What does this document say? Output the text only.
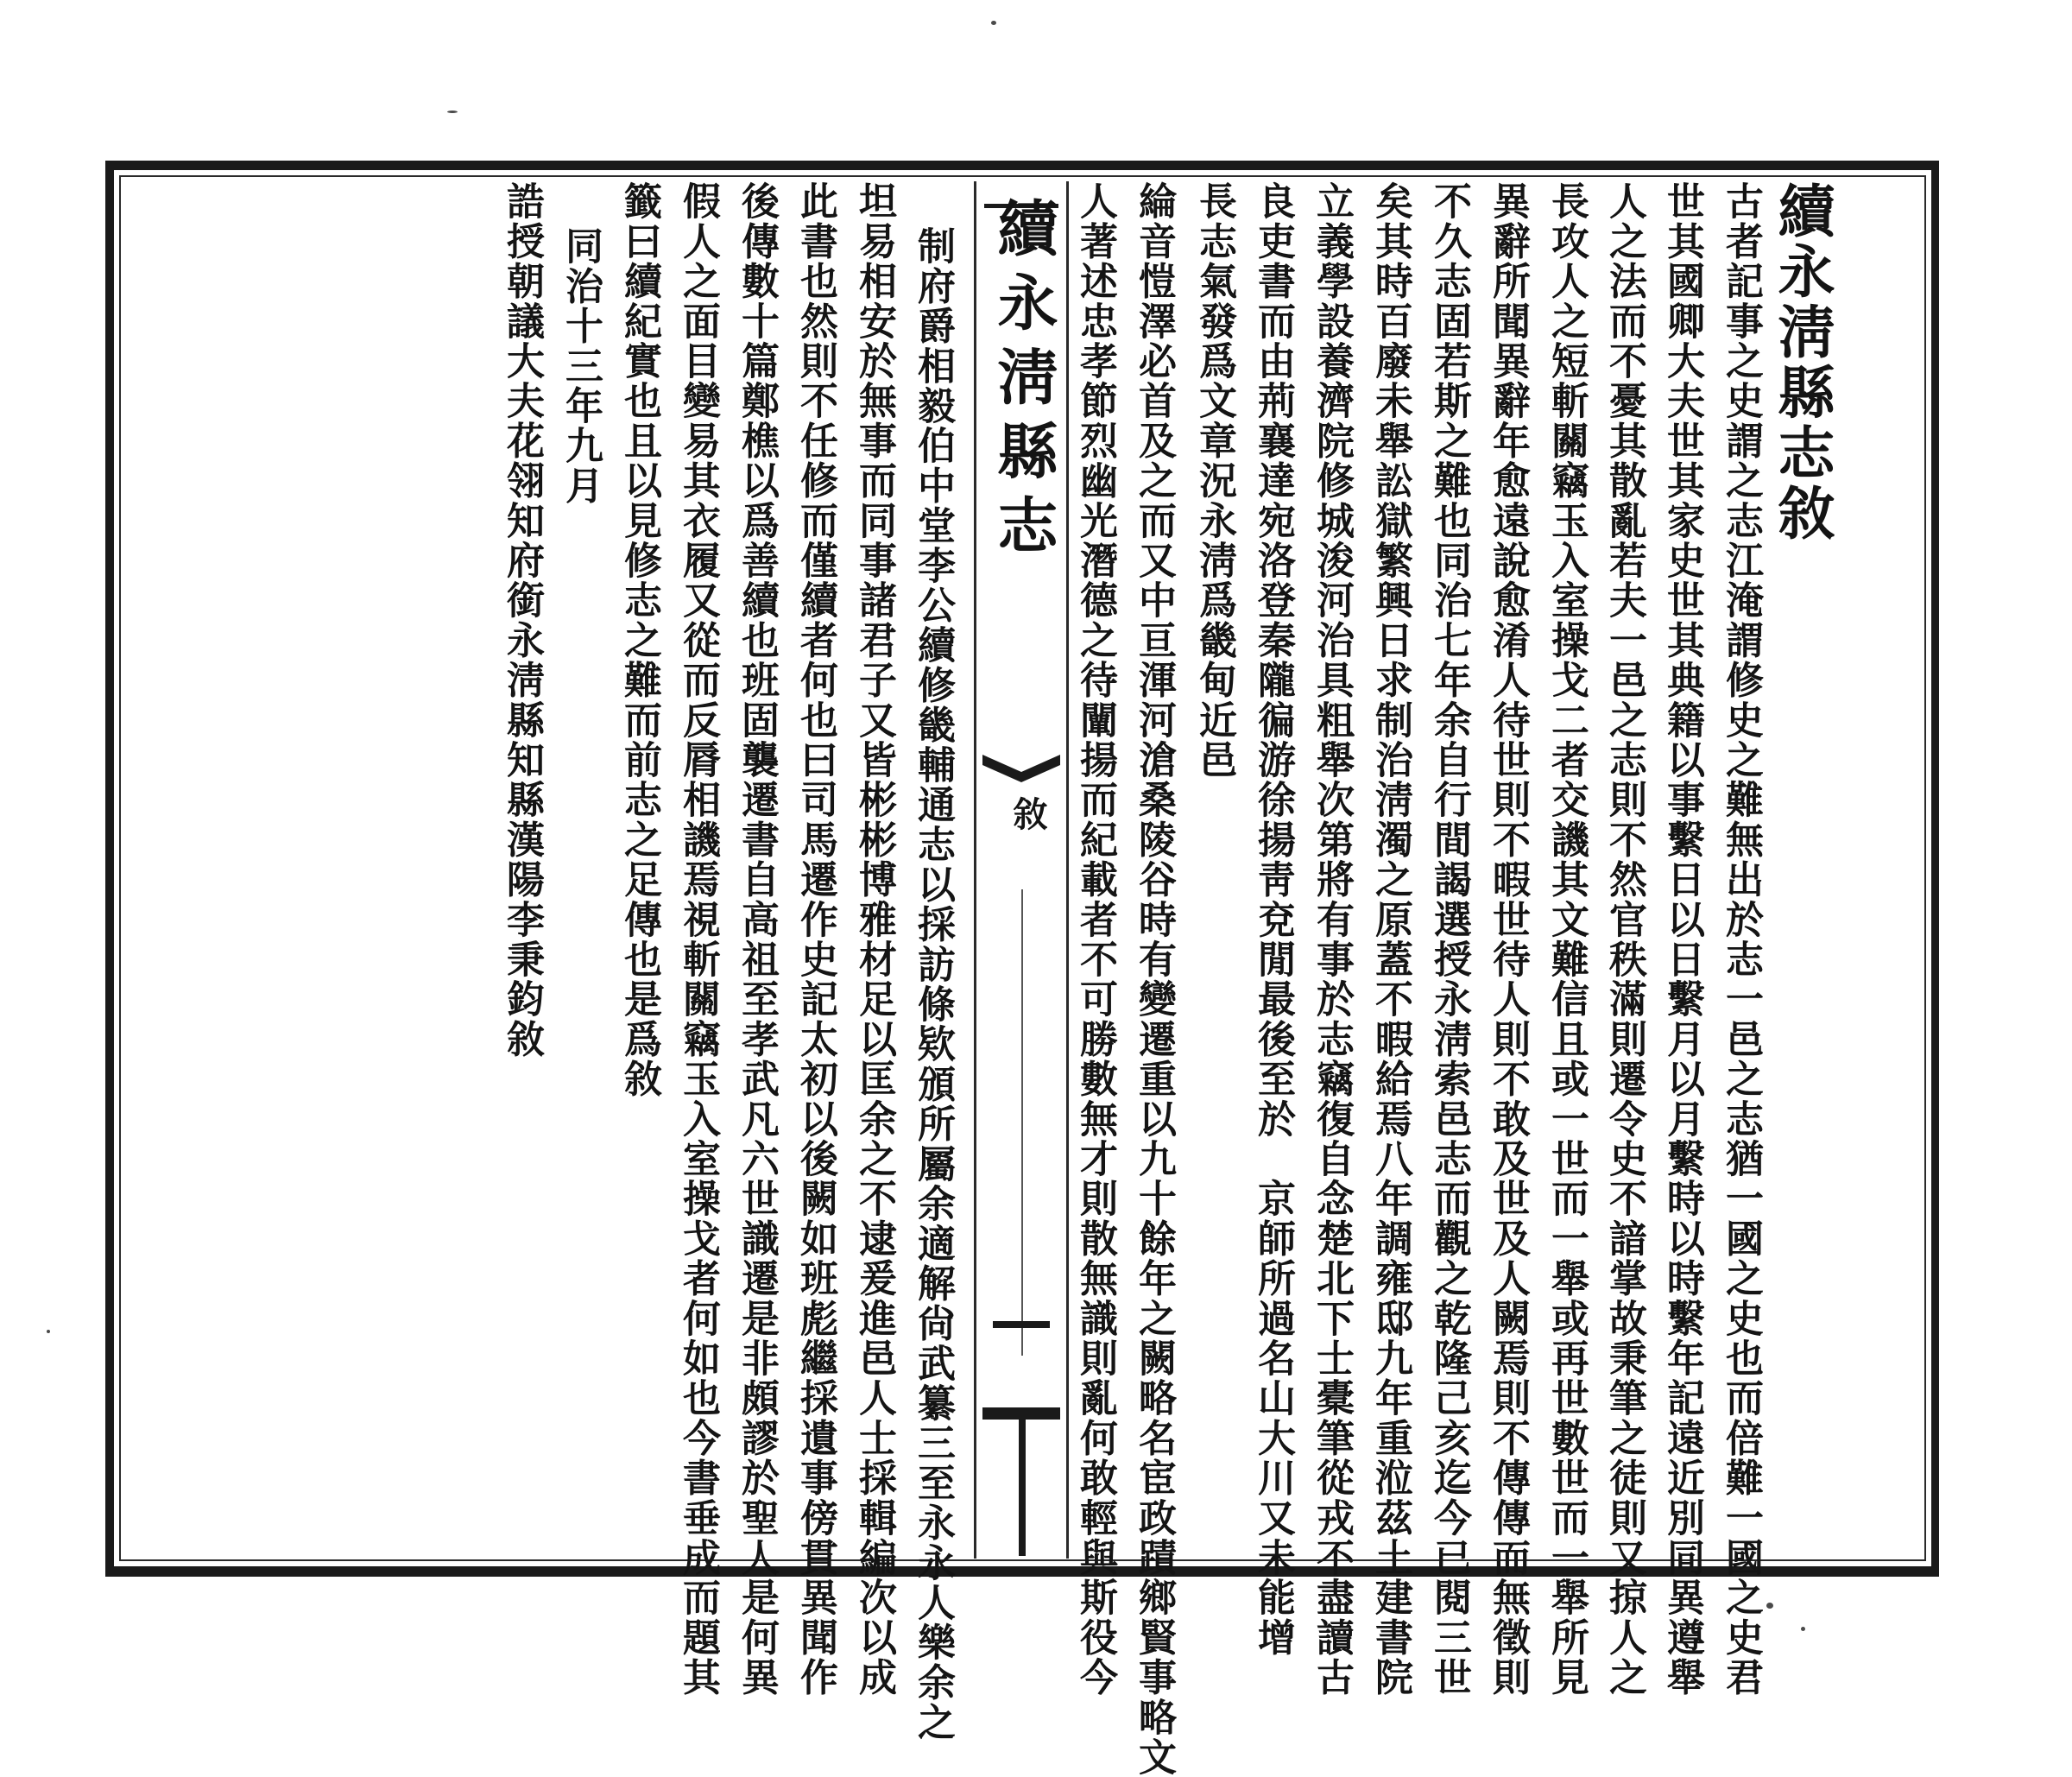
續永淸縣志敘
古者記事之史謂之志江淹謂修史之難無出於志一邑之志猶一國之史也而倍難一國之史君
世其國卿大夫世其家史世其典籍以事繫日以日繫月以月繫時以時繫年記遠近別同異遵舉
人之法而不憂其散亂若夫一邑之志則不然官秩滿則遷令史不諳掌故秉筆之徒則又掠人之
長攻人之短斬關竊玉入室操戈二者交譏其文難信且或一世而一舉或再世數世而一舉所見
異辭所聞異辭年愈遠說愈淆人待世則不暇世待人則不敢及世及人闕焉則不傳傳而無徵則
不久志固若斯之難也同治七年余自行間謁選授永淸索邑志而觀之乾隆己亥迄今已閱三世
矣其時百廢未舉訟獄繁興日求制治淸濁之原蓋不暇給焉八年調雍邸九年重涖茲土建書院
立義學設養濟院修城浚河治具粗舉次第將有事於志竊復自念楚北下士橐筆從戎不盡讀古
良吏書而由荊襄達宛洛登秦隴徧游徐揚靑兗閒最後至於　京師所過名山大川又未能增
長志氣發爲文章況永淸爲畿甸近邑
續永淸縣志
敘 綸音愷澤必首及之而又中亘渾河滄桑陵谷時有變遷重以九十餘年之闕略名宦政蹟鄉賢事略文
人著述忠孝節烈幽光潛德之待闡揚而紀載者不可勝數無才則散無識則亂何敢輕與斯役今
制府爵相毅伯中堂李公續修畿輔通志以採訪條欵頒所屬余適解尙武纂三至永永人樂余之
坦易相安於無事而同事諸君子又皆彬彬博雅材足以匡余之不逮爰進邑人士採輯編次以成
此書也然則不任修而僅續者何也曰司馬遷作史記太初以後闕如班彪繼採遺事傍貫異聞作
後傳數十篇鄭樵以爲善續也班固襲遷書自高祖至孝武凡六世識遷是非頗謬於聖人是何異
假人之面目變易其衣履又從而反脣相譏焉視斬關竊玉入室操戈者何如也今書垂成而題其
籤曰續紀實也且以見修志之難而前志之足傳也是爲敘
同治十三年九月
誥授朝議大夫花翎知府銜永淸縣知縣漢陽李秉鈞敘
